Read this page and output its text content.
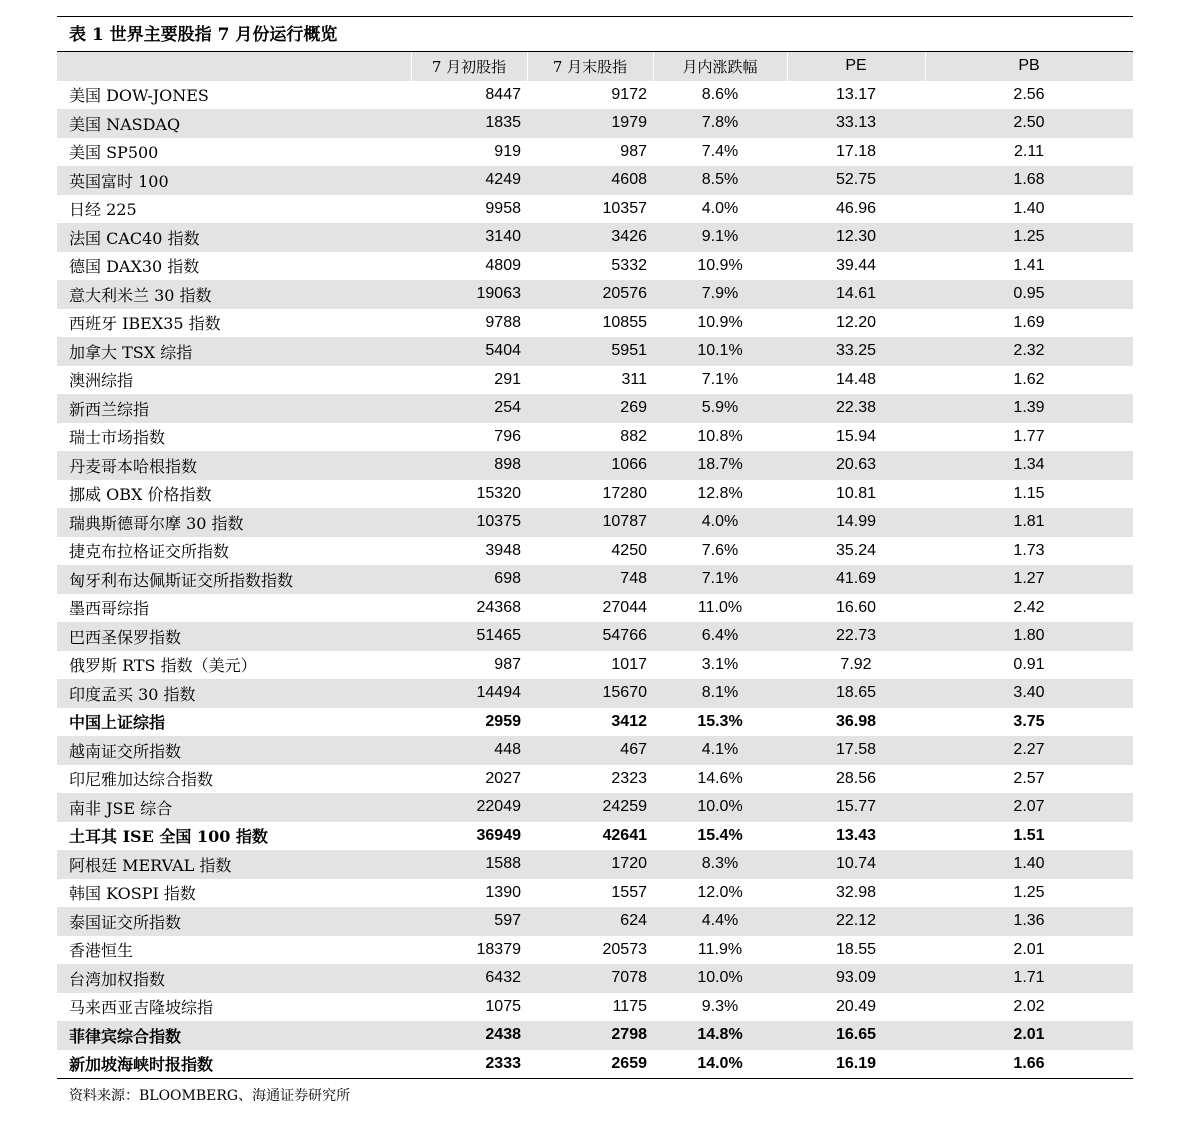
表 1 世界主要股指 7 月份运行概览
	7 月初股指	7 月末股指	月内涨跌幅	PE	PB
美国 DOW-JONES	8447	9172	8.6%	13.17	2.56
美国 NASDAQ	1835	1979	7.8%	33.13	2.50
美国 SP500	919	987	7.4%	17.18	2.11
英国富时 100	4249	4608	8.5%	52.75	1.68
日经 225	9958	10357	4.0%	46.96	1.40
法国 CAC40 指数	3140	3426	9.1%	12.30	1.25
德国 DAX30 指数	4809	5332	10.9%	39.44	1.41
意大利米兰 30 指数	19063	20576	7.9%	14.61	0.95
西班牙 IBEX35 指数	9788	10855	10.9%	12.20	1.69
加拿大 TSX 综指	5404	5951	10.1%	33.25	2.32
澳洲综指	291	311	7.1%	14.48	1.62
新西兰综指	254	269	5.9%	22.38	1.39
瑞士市场指数	796	882	10.8%	15.94	1.77
丹麦哥本哈根指数	898	1066	18.7%	20.63	1.34
挪威 OBX 价格指数	15320	17280	12.8%	10.81	1.15
瑞典斯德哥尔摩 30 指数	10375	10787	4.0%	14.99	1.81
捷克布拉格证交所指数	3948	4250	7.6%	35.24	1.73
匈牙利布达佩斯证交所指数指数	698	748	7.1%	41.69	1.27
墨西哥综指	24368	27044	11.0%	16.60	2.42
巴西圣保罗指数	51465	54766	6.4%	22.73	1.80
俄罗斯 RTS 指数（美元）	987	1017	3.1%	7.92	0.91
印度孟买 30 指数	14494	15670	8.1%	18.65	3.40
中国上证综指	2959	3412	15.3%	36.98	3.75
越南证交所指数	448	467	4.1%	17.58	2.27
印尼雅加达综合指数	2027	2323	14.6%	28.56	2.57
南非 JSE 综合	22049	24259	10.0%	15.77	2.07
土耳其 ISE 全国 100 指数	36949	42641	15.4%	13.43	1.51
阿根廷 MERVAL 指数	1588	1720	8.3%	10.74	1.40
韩国 KOSPI 指数	1390	1557	12.0%	32.98	1.25
泰国证交所指数	597	624	4.4%	22.12	1.36
香港恒生	18379	20573	11.9%	18.55	2.01
台湾加权指数	6432	7078	10.0%	93.09	1.71
马来西亚吉隆坡综指	1075	1175	9.3%	20.49	2.02
菲律宾综合指数	2438	2798	14.8%	16.65	2.01
新加坡海峡时报指数	2333	2659	14.0%	16.19	1.66
资料来源：BLOOMBERG、海通证券研究所
